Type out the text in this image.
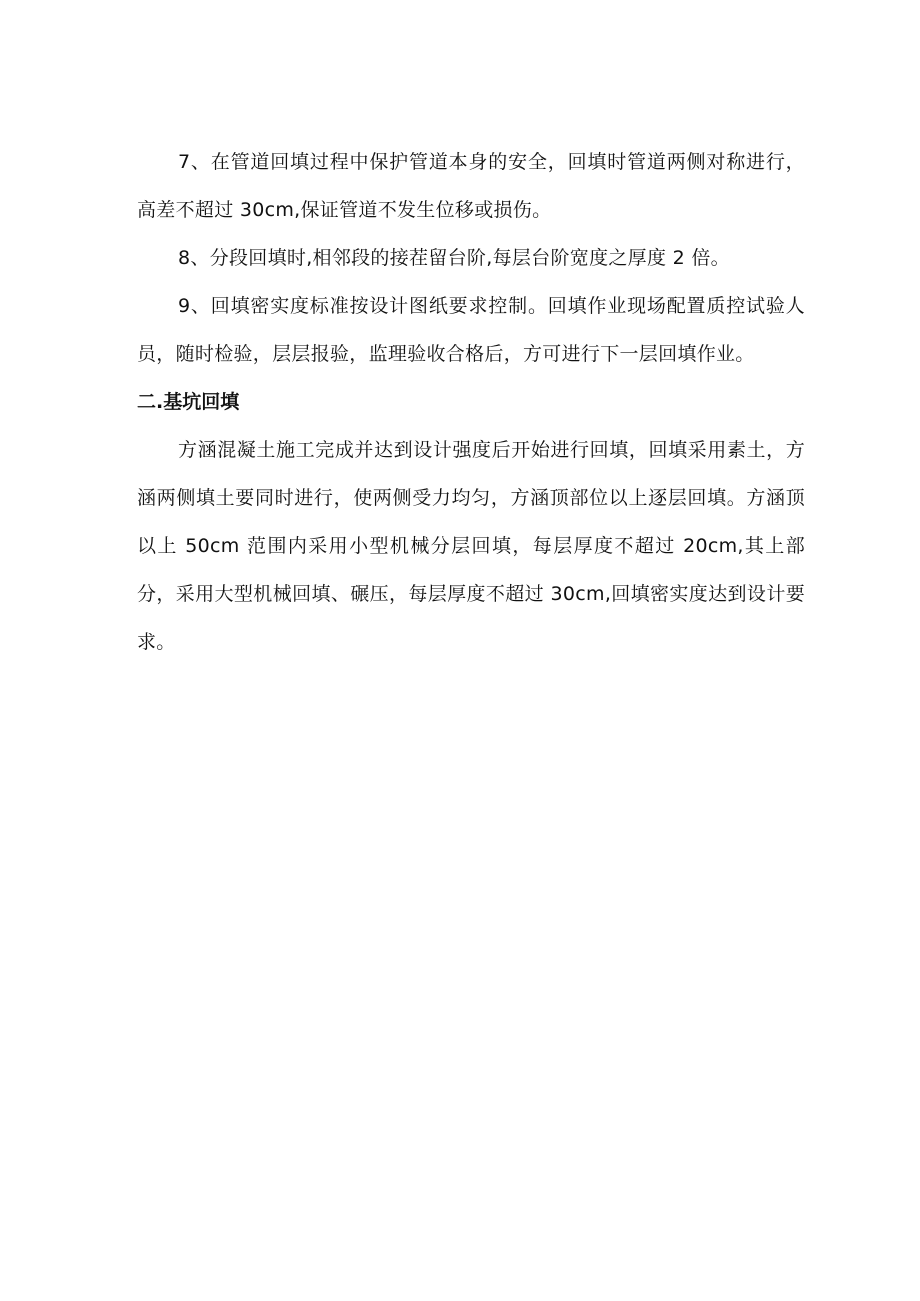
7、在管道回填过程中保护管道本身的安全，回填时管道两侧对称进行，高差不超过 30cm,保证管道不发生位移或损伤。

8、分段回填时,相邻段的接茬留台阶,每层台阶宽度之厚度 2 倍。

9、回填密实度标准按设计图纸要求控制。回填作业现场配置质控试验人员，随时检验，层层报验，监理验收合格后，方可进行下一层回填作业。

二.基坑回填

方涵混凝土施工完成并达到设计强度后开始进行回填，回填采用素土，方涵两侧填土要同时进行，使两侧受力均匀，方涵顶部位以上逐层回填。方涵顶以上 50cm 范围内采用小型机械分层回填，每层厚度不超过 20cm,其上部分，采用大型机械回填、碾压，每层厚度不超过 30cm,回填密实度达到设计要求。
